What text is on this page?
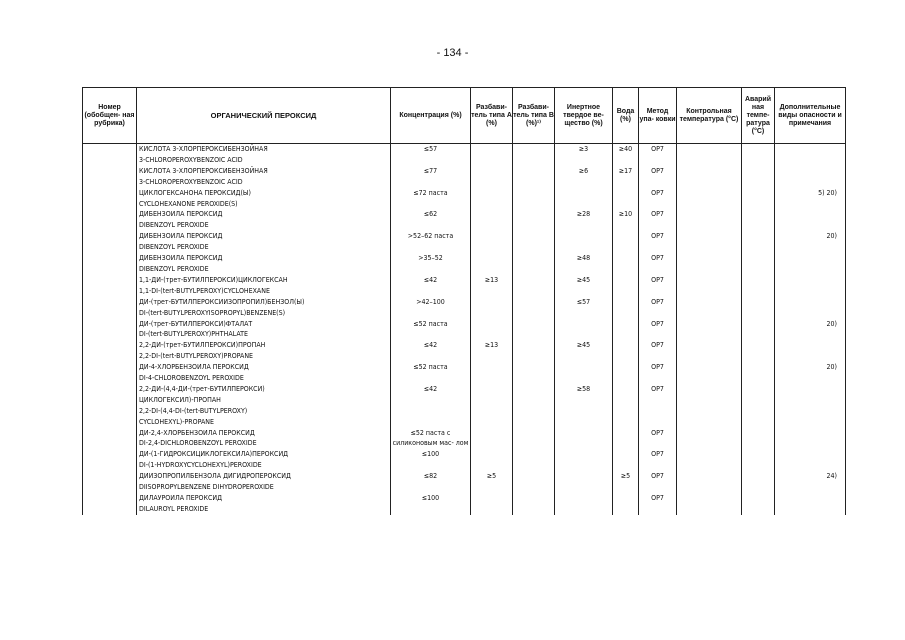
- 134 -
Номер (обобщен- ная рубрика)	ОРГАНИЧЕСКИЙ ПЕРОКСИД	Концентрация (%)	Разбави- тель типа A (%)	Разбави- тель типа B (%)¹⁾	Инертное твердое ве- щество (%)	Вода (%)	Метод упа- ковки	Контрольная температура (°C)	Аварий ная темпе- ратура (°C)	Дополнительные виды опасности и примечания

	КИСЛОТА 3-ХЛОРПЕРОКСИБЕНЗОЙНАЯ
3-CHLOROPEROXYBENZOIC ACID	≤57			≥3	≥40	OP7			

	КИСЛОТА 3-ХЛОРПЕРОКСИБЕНЗОЙНАЯ
3-CHLOROPEROXYBENZOIC ACID	≤77			≥6	≥17	OP7			

	ЦИКЛОГЕКСАНОНА ПЕРОКСИД(Ы)
CYCLOHEXANONE PEROXIDE(S)	≤72 паста					OP7			5) 20)

	ДИБЕНЗОИЛА ПЕРОКСИД
DIBENZOYL PEROXIDE	≤62			≥28	≥10	OP7			

	ДИБЕНЗОИЛА ПЕРОКСИД
DIBENZOYL PEROXIDE	>52–62 паста					OP7			20)

	ДИБЕНЗОИЛА ПЕРОКСИД
DIBENZOYL PEROXIDE	>35–52			≥48		OP7			

	1,1-ДИ-(трет-БУТИЛПЕРОКСИ)ЦИКЛОГЕКСАН
1,1-DI-(tert-BUTYLPEROXY)CYCLOHEXANE	≤42	≥13		≥45		OP7			

	ДИ-(трет-БУТИЛПЕРОКСИИЗОПРОПИЛ)БЕНЗОЛ(Ы)
DI-(tert-BUTYLPEROXYISOPROPYL)BENZENE(S)	>42–100			≤57		OP7			

	ДИ-(трет-БУТИЛПЕРОКСИ)ФТАЛАТ
DI-(tert-BUTYLPEROXY)PHTHALATE	≤52 паста					OP7			20)

	2,2-ДИ-(трет-БУТИЛПЕРОКСИ)ПРОПАН
2,2-DI-(tert-BUTYLPEROXY)PROPANE	≤42	≥13		≥45		OP7			

	ДИ-4-ХЛОРБЕНЗОИЛА ПЕРОКСИД
DI-4-CHLOROBENZOYL PEROXIDE	≤52 паста					OP7			20)

	2,2-ДИ-(4,4-ДИ-(трет-БУТИЛПЕРОКСИ)
ЦИКЛОГЕКСИЛ)-ПРОПАН
2,2-DI-(4,4-DI-(tert-BUTYLPEROXY)
CYCLOHEXYL)-PROPANE	≤42			≥58		OP7			

	ДИ-2,4-ХЛОРБЕНЗОИЛА ПЕРОКСИД
DI-2,4-DICHLOROBENZOYL PEROXIDE	≤52 паста с силиконовым мас- лом					OP7			

	ДИ-(1-ГИДРОКСИЦИКЛОГЕКСИЛА)ПЕРОКСИД
DI-(1-HYDROXYCYCLOHEXYL)PEROXIDE	≤100					OP7			

	ДИИЗОПРОПИЛБЕНЗОЛА ДИГИДРОПЕРОКСИД
DIISOPROPYLBENZENE DIHYDROPEROXIDE	≤82	≥5			≥5	OP7			24)

	ДИЛАУРОИЛА ПЕРОКСИД
DILAUROYL PEROXIDE	≤100					OP7			
